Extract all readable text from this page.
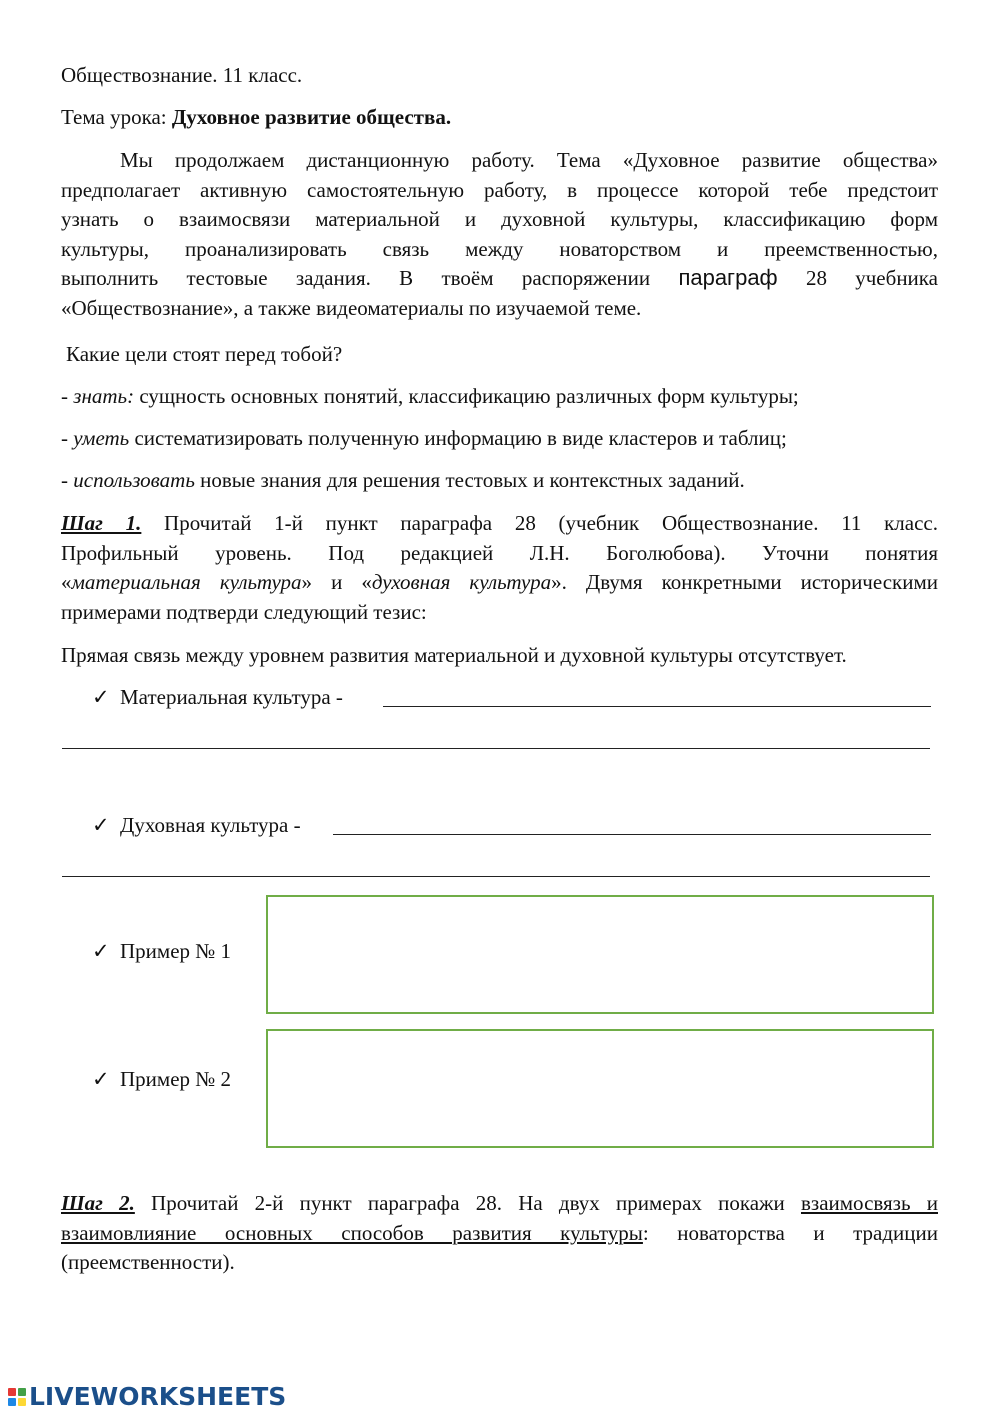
Обществознание. 11 класс.
Тема урока: Духовное развитие общества.
Мы продолжаем дистанционную работу. Тема «Духовное развитие общества»
предполагает активную самостоятельную работу, в процессе которой тебе предстоит
узнать о взаимосвязи материальной и духовной культуры, классификацию форм
культуры, проанализировать связь между новаторством и преемственностью,
выполнить тестовые задания. В твоём распоряжении параграф 28 учебника
«Обществознание», а также видеоматериалы по изучаемой теме.
Какие цели стоят перед тобой?
- знать: сущность основных понятий, классификацию различных форм культуры;
- уметь систематизировать полученную информацию в виде кластеров и таблиц;
- использовать новые знания для решения тестовых и контекстных заданий.
Шаг 1. Прочитай 1-й пункт параграфа 28 (учебник Обществознание. 11 класс.
Профильный уровень. Под редакцией Л.Н. Боголюбова). Уточни понятия
«материальная культура» и «духовная культура». Двумя конкретными историческими
примерами подтверди следующий тезис:
Прямая связь между уровнем развития материальной и духовной культуры отсутствует.
✓ Материальная культура -
✓ Духовная культура -
✓ Пример № 1
✓ Пример № 2
Шаг 2. Прочитай 2-й пункт параграфа 28. На двух примерах покажи взаимосвязь и
взаимовлияние основных способов развития культуры: новаторства и традиции
(преемственности).
LIVEWORKSHEETS
